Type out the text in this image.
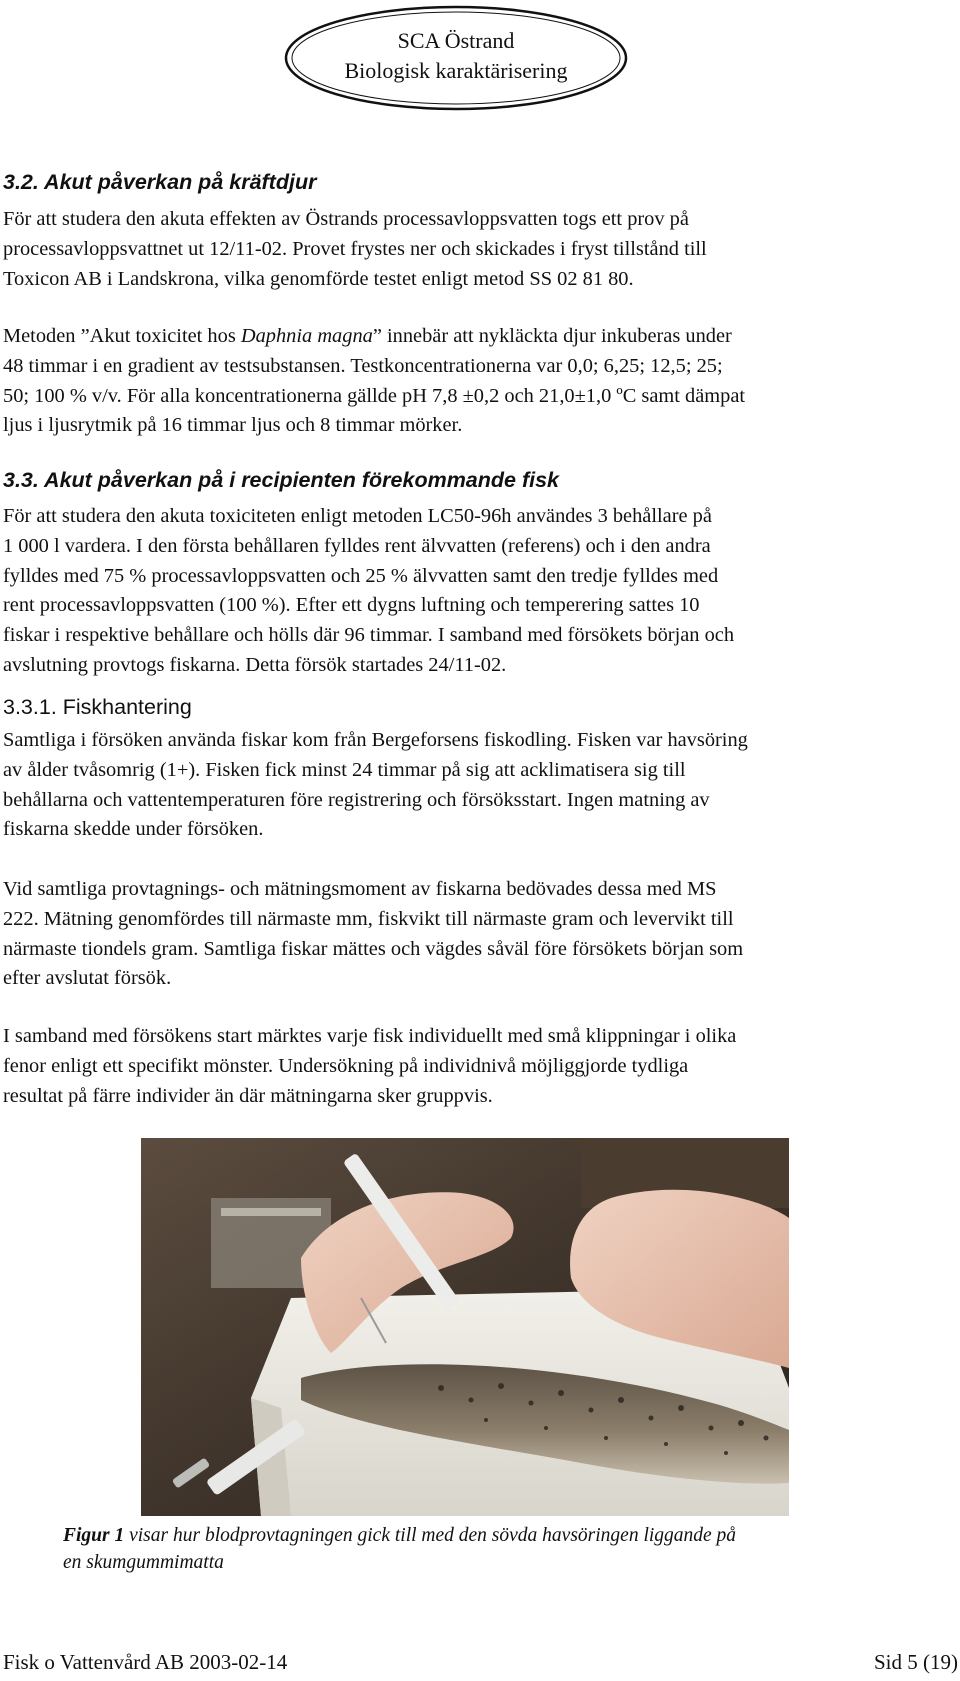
SCA Östrand
Biologisk karaktärisering
3.2. Akut påverkan på kräftdjur
För att studera den akuta effekten av Östrands processavloppsvatten togs ett prov på
processavloppsvattnet ut 12/11-02. Provet frystes ner och skickades i fryst tillstånd till
Toxicon AB i Landskrona, vilka genomförde testet enligt metod SS 02 81 80.
Metoden ”Akut toxicitet hos Daphnia magna” innebär att nykläckta djur inkuberas under
48 timmar i en gradient av testsubstansen. Testkoncentrationerna var 0,0; 6,25; 12,5; 25;
50; 100 % v/v. För alla koncentrationerna gällde pH 7,8 ±0,2 och 21,0±1,0 ºC samt dämpat
ljus i ljusrytmik på 16 timmar ljus och 8 timmar mörker.
3.3. Akut påverkan på i recipienten förekommande fisk
För att studera den akuta toxiciteten enligt metoden LC50-96h användes 3 behållare på
1 000 l vardera. I den första behållaren fylldes rent älvvatten (referens) och i den andra
fylldes med 75 % processavloppsvatten och 25 % älvvatten samt den tredje fylldes med
rent processavloppsvatten (100 %). Efter ett dygns luftning och temperering sattes 10
fiskar i respektive behållare och hölls där 96 timmar. I samband med försökets början och
avslutning provtogs fiskarna. Detta försök startades 24/11-02.
3.3.1. Fiskhantering
Samtliga i försöken använda fiskar kom från Bergeforsens fiskodling. Fisken var havsöring
av ålder tvåsomrig (1+). Fisken fick minst 24 timmar på sig att acklimatisera sig till
behållarna och vattentemperaturen före registrering och försöksstart. Ingen matning av
fiskarna skedde under försöken.
Vid samtliga provtagnings- och mätningsmoment av fiskarna bedövades dessa med MS
222. Mätning genomfördes till närmaste mm, fiskvikt till närmaste gram och levervikt till
närmaste tiondels gram. Samtliga fiskar mättes och vägdes såväl före försökets början som
efter avslutat försök.
I samband med försökens start märktes varje fisk individuellt med små klippningar i olika
fenor enligt ett specifikt mönster. Undersökning på individnivå möjliggjorde tydliga
resultat på färre individer än där mätningarna sker gruppvis.
Figur 1 visar hur blodprovtagningen gick till med den sövda havsöringen liggande på
en skumgummimatta
Fisk o Vattenvård AB 2003-02-14	Sid 5 (19)
